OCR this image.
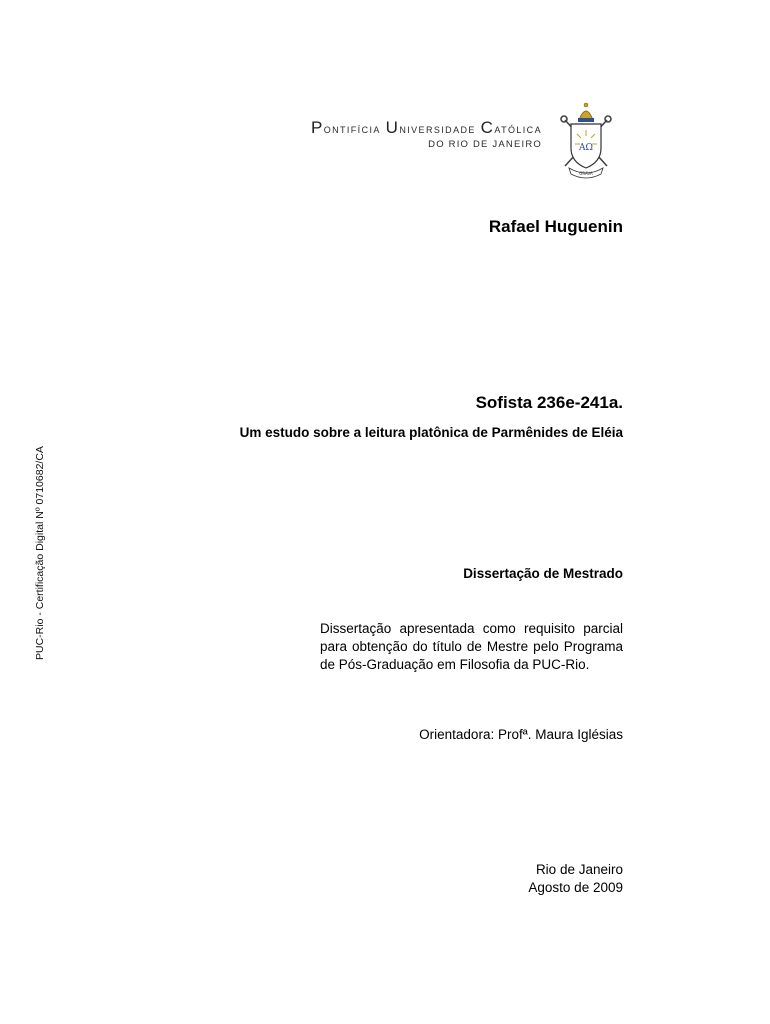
Pontifícia Universidade Católica
DO RIO DE JANEIRO	ΑΩ
GRAVA
Rafael Huguenin
Sofista 236e-241a.
Um estudo sobre a leitura platônica de Parmênides de Eléia
Dissertação de Mestrado
Dissertação apresentada como requisito parcial para obtenção do título de Mestre pelo Programa de Pós-Graduação em Filosofia da PUC-Rio.
Orientadora: Profª. Maura Iglésias
Rio de Janeiro
Agosto de 2009
PUC-Rio - Certificação Digital Nº 0710682/CA
